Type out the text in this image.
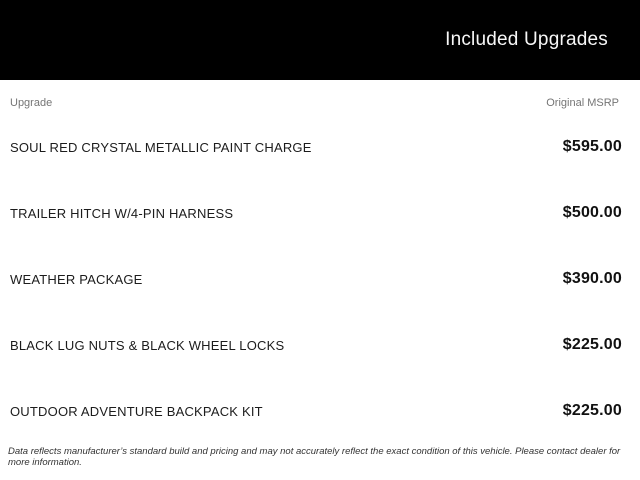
Included Upgrades
Upgrade	Original MSRP
SOUL RED CRYSTAL METALLIC PAINT CHARGE	$595.00
TRAILER HITCH W/4-PIN HARNESS	$500.00
WEATHER PACKAGE	$390.00
BLACK LUG NUTS & BLACK WHEEL LOCKS	$225.00
OUTDOOR ADVENTURE BACKPACK KIT	$225.00

Data reflects manufacturer’s standard build and pricing and may not accurately reflect the exact condition of this vehicle. Please contact dealer for more information.
